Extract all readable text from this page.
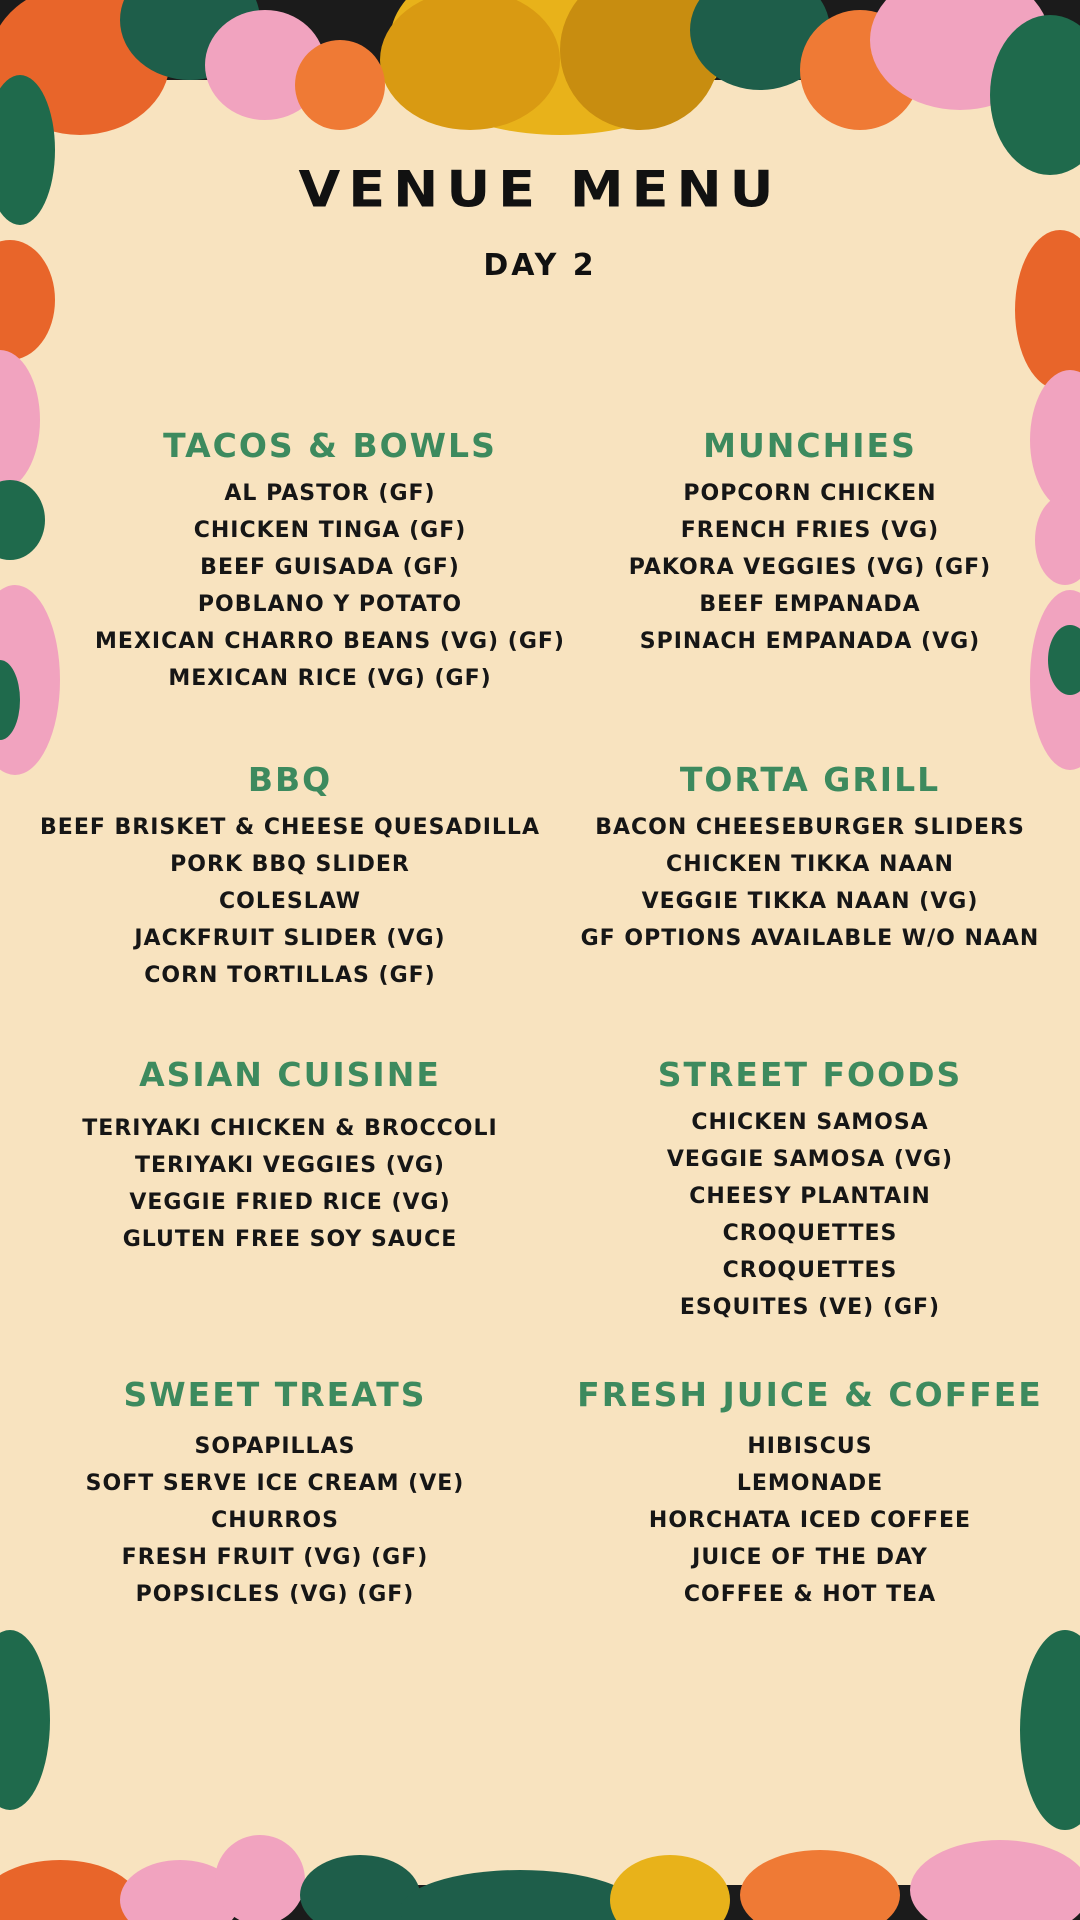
VENUE MENU
DAY 2
TACOS & BOWLS
AL PASTOR (GF)
CHICKEN TINGA (GF)
BEEF GUISADA (GF)
POBLANO Y POTATO
MEXICAN CHARRO BEANS (VG) (GF)
MEXICAN RICE (VG) (GF)
MUNCHIES
POPCORN CHICKEN
FRENCH FRIES (VG)
PAKORA VEGGIES (VG) (GF)
BEEF EMPANADA
SPINACH EMPANADA (VG)
BBQ
BEEF BRISKET & CHEESE QUESADILLA
PORK BBQ SLIDER
COLESLAW
JACKFRUIT SLIDER (VG)
CORN TORTILLAS (GF)
TORTA GRILL
BACON CHEESEBURGER SLIDERS
CHICKEN TIKKA NAAN
VEGGIE TIKKA NAAN (VG)
GF OPTIONS AVAILABLE W/O NAAN
ASIAN CUISINE
TERIYAKI CHICKEN & BROCCOLI
TERIYAKI VEGGIES (VG)
VEGGIE FRIED RICE (VG)
GLUTEN FREE SOY SAUCE
STREET FOODS
CHICKEN SAMOSA
VEGGIE SAMOSA (VG)
CHEESY PLANTAIN
CROQUETTES
CROQUETTES
ESQUITES (VE) (GF)
SWEET TREATS
SOPAPILLAS
SOFT SERVE ICE CREAM (VE)
CHURROS
FRESH FRUIT (VG) (GF)
POPSICLES (VG) (GF)
FRESH JUICE & COFFEE
HIBISCUS
LEMONADE
HORCHATA ICED COFFEE
JUICE OF THE DAY
COFFEE & HOT TEA
